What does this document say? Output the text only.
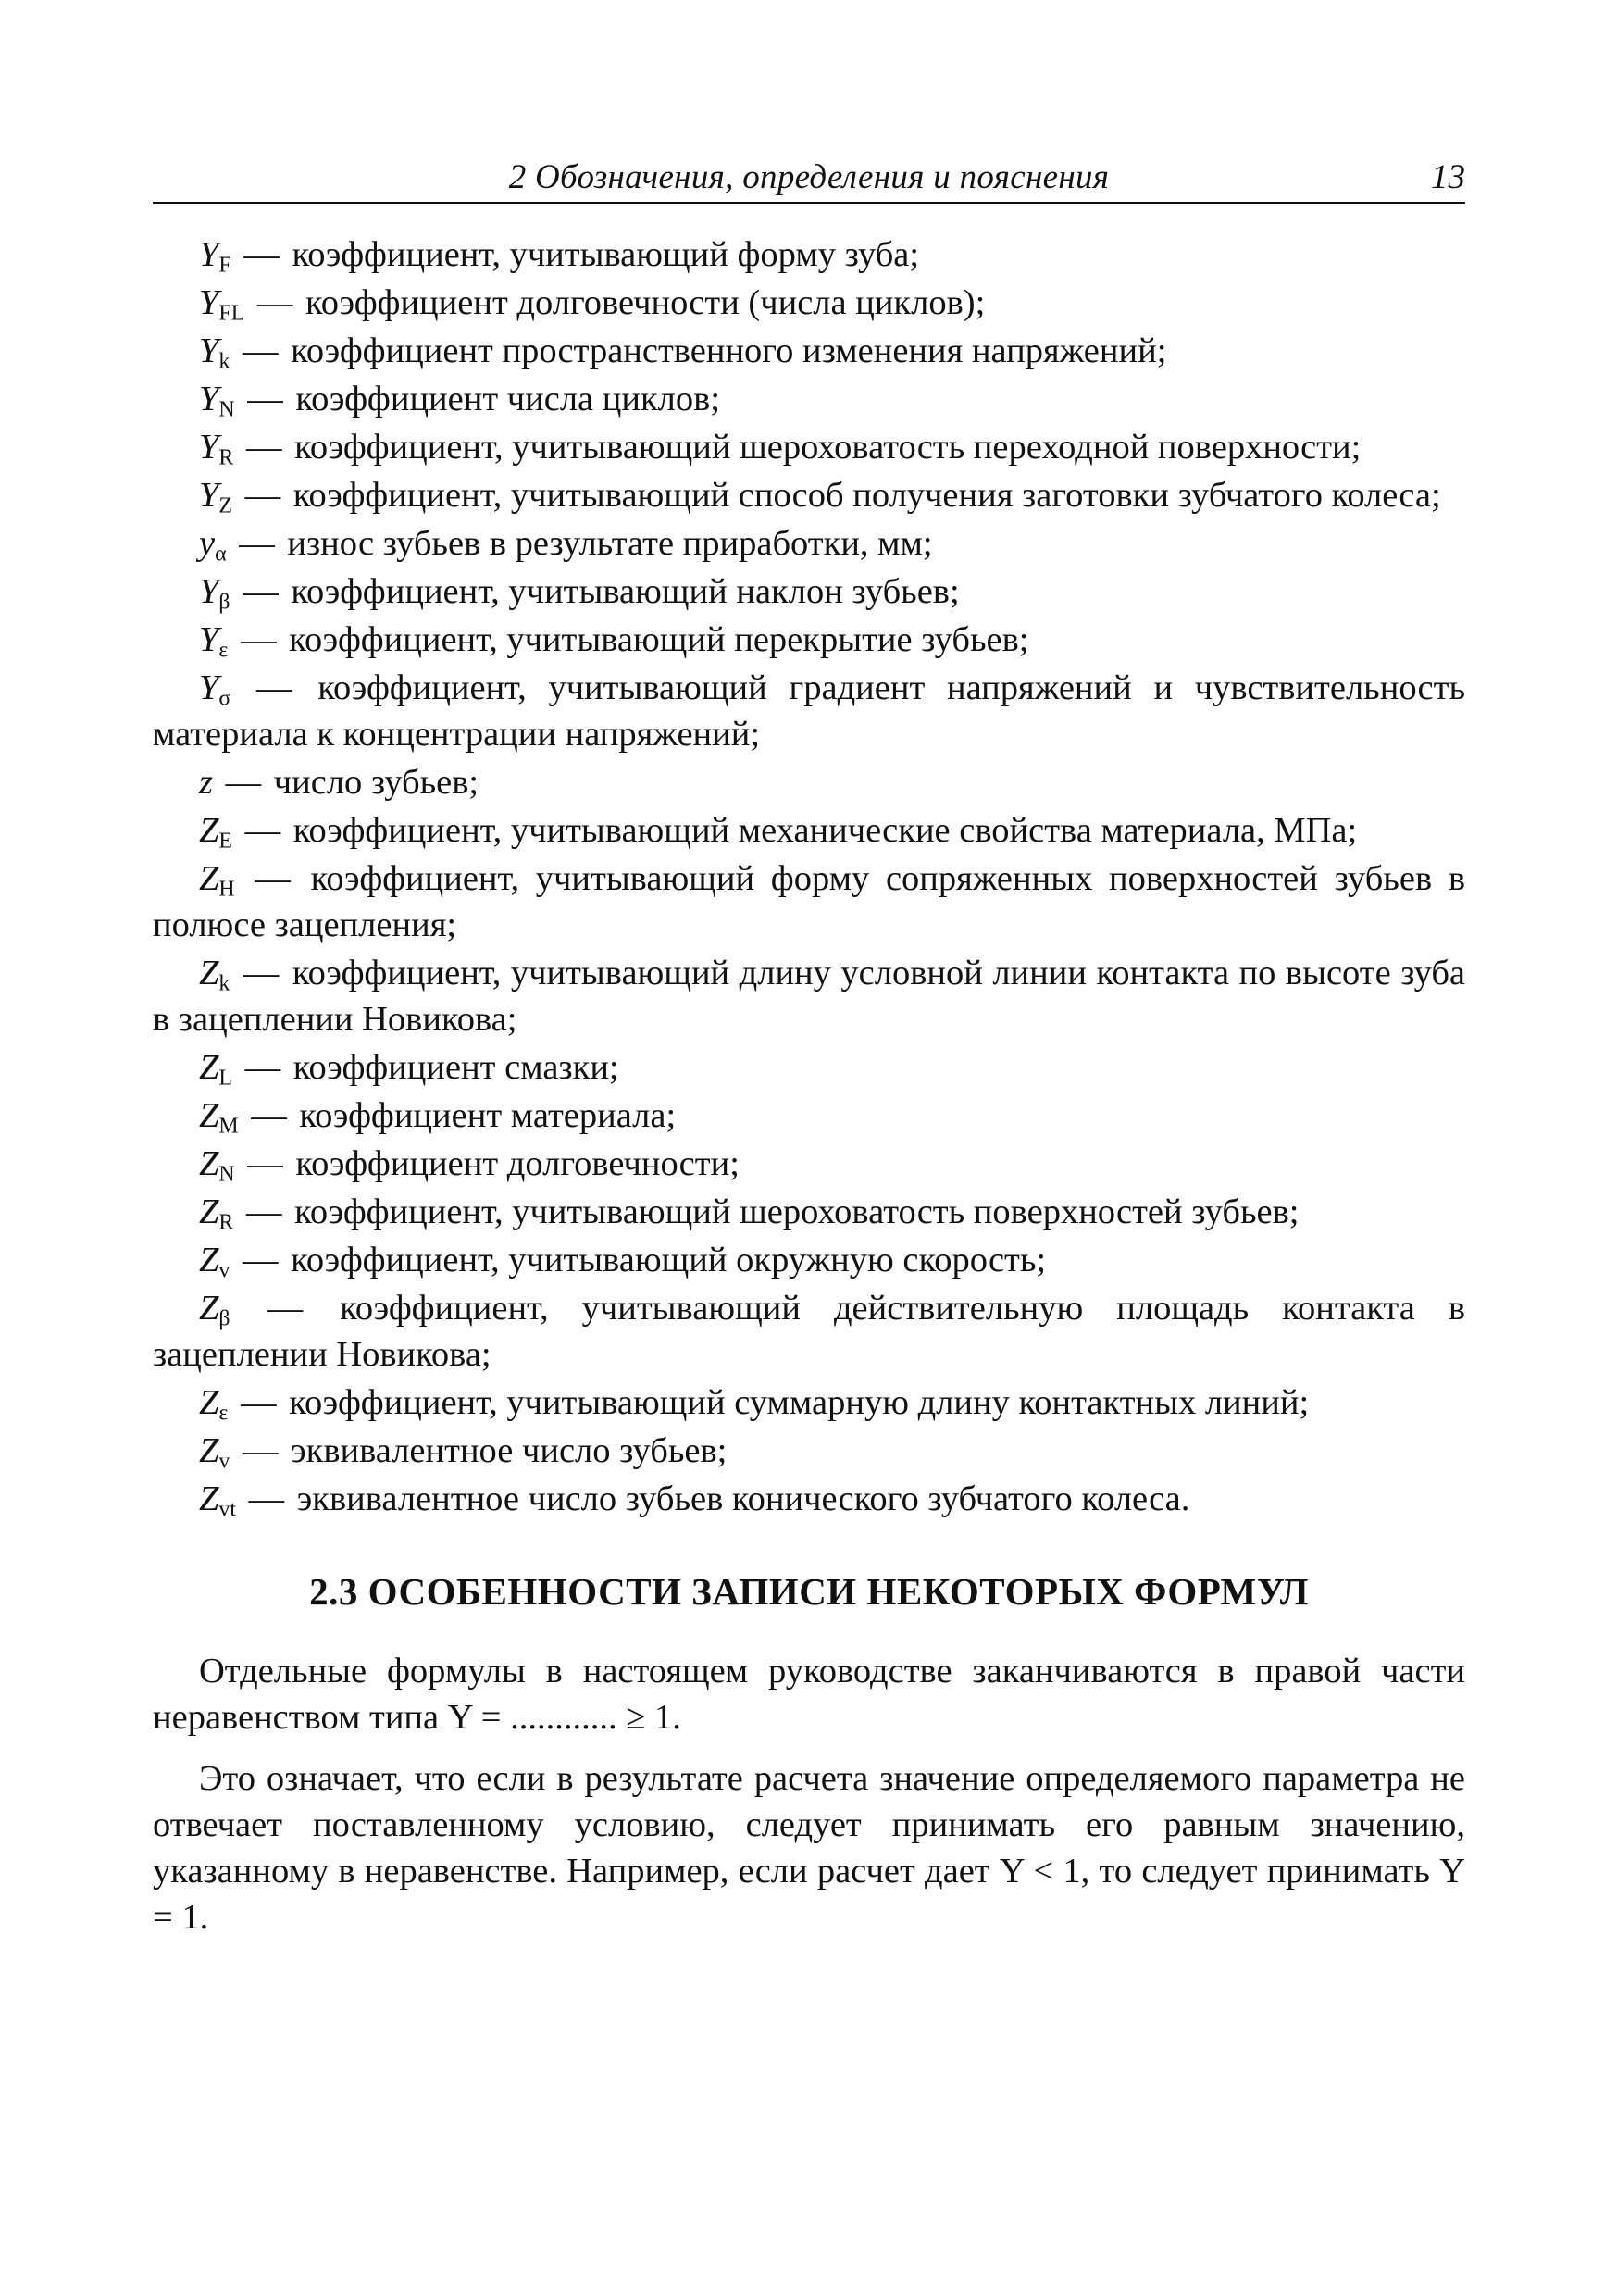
2 Обозначения, определения и пояснения	13

$Y_F$ — коэффициент, учитывающий форму зуба;

$Y_{FL}$ — коэффициент долговечности (числа циклов);

$Y_k$ — коэффициент пространственного изменения напряжений;

$Y_N$ — коэффициент числа циклов;

$Y_R$ — коэффициент, учитывающий шероховатость переходной поверхности;

$Y_Z$ — коэффициент, учитывающий способ получения заготовки зубчатого колеса;

$y_\alpha$ — износ зубьев в результате приработки, мм;

$Y_\beta$ — коэффициент, учитывающий наклон зубьев;

$Y_\varepsilon$ — коэффициент, учитывающий перекрытие зубьев;

$Y_\sigma$ — коэффициент, учитывающий градиент напряжений и чувствительность материала к концентрации напряжений;

z — число зубьев;

$Z_E$ — коэффициент, учитывающий механические свойства материала, МПа;

$Z_H$ — коэффициент, учитывающий форму сопряженных поверхностей зубьев в полюсе зацепления;

$Z_k$ — коэффициент, учитывающий длину условной линии контакта по высоте зуба в зацеплении Новикова;

$Z_L$ — коэффициент смазки;

$Z_M$ — коэффициент материала;

$Z_N$ — коэффициент долговечности;

$Z_R$ — коэффициент, учитывающий шероховатость поверхностей зубьев;

$Z_v$ — коэффициент, учитывающий окружную скорость;

$Z_\beta$ — коэффициент, учитывающий действительную площадь контакта в зацеплении Новикова;

$Z_\varepsilon$ — коэффициент, учитывающий суммарную длину контактных линий;

$Z_v$ — эквивалентное число зубьев;

$Z_{vt}$ — эквивалентное число зубьев конического зубчатого колеса.

2.3 ОСОБЕННОСТИ ЗАПИСИ НЕКОТОРЫХ ФОРМУЛ

Отдельные формулы в настоящем руководстве заканчиваются в правой части неравенством типа Y = ............ ≥ 1.

Это означает, что если в результате расчета значение определяемого параметра не отвечает поставленному условию, следует принимать его равным значению, указанному в неравенстве. Например, если расчет дает Y < 1, то следует принимать Y = 1.
